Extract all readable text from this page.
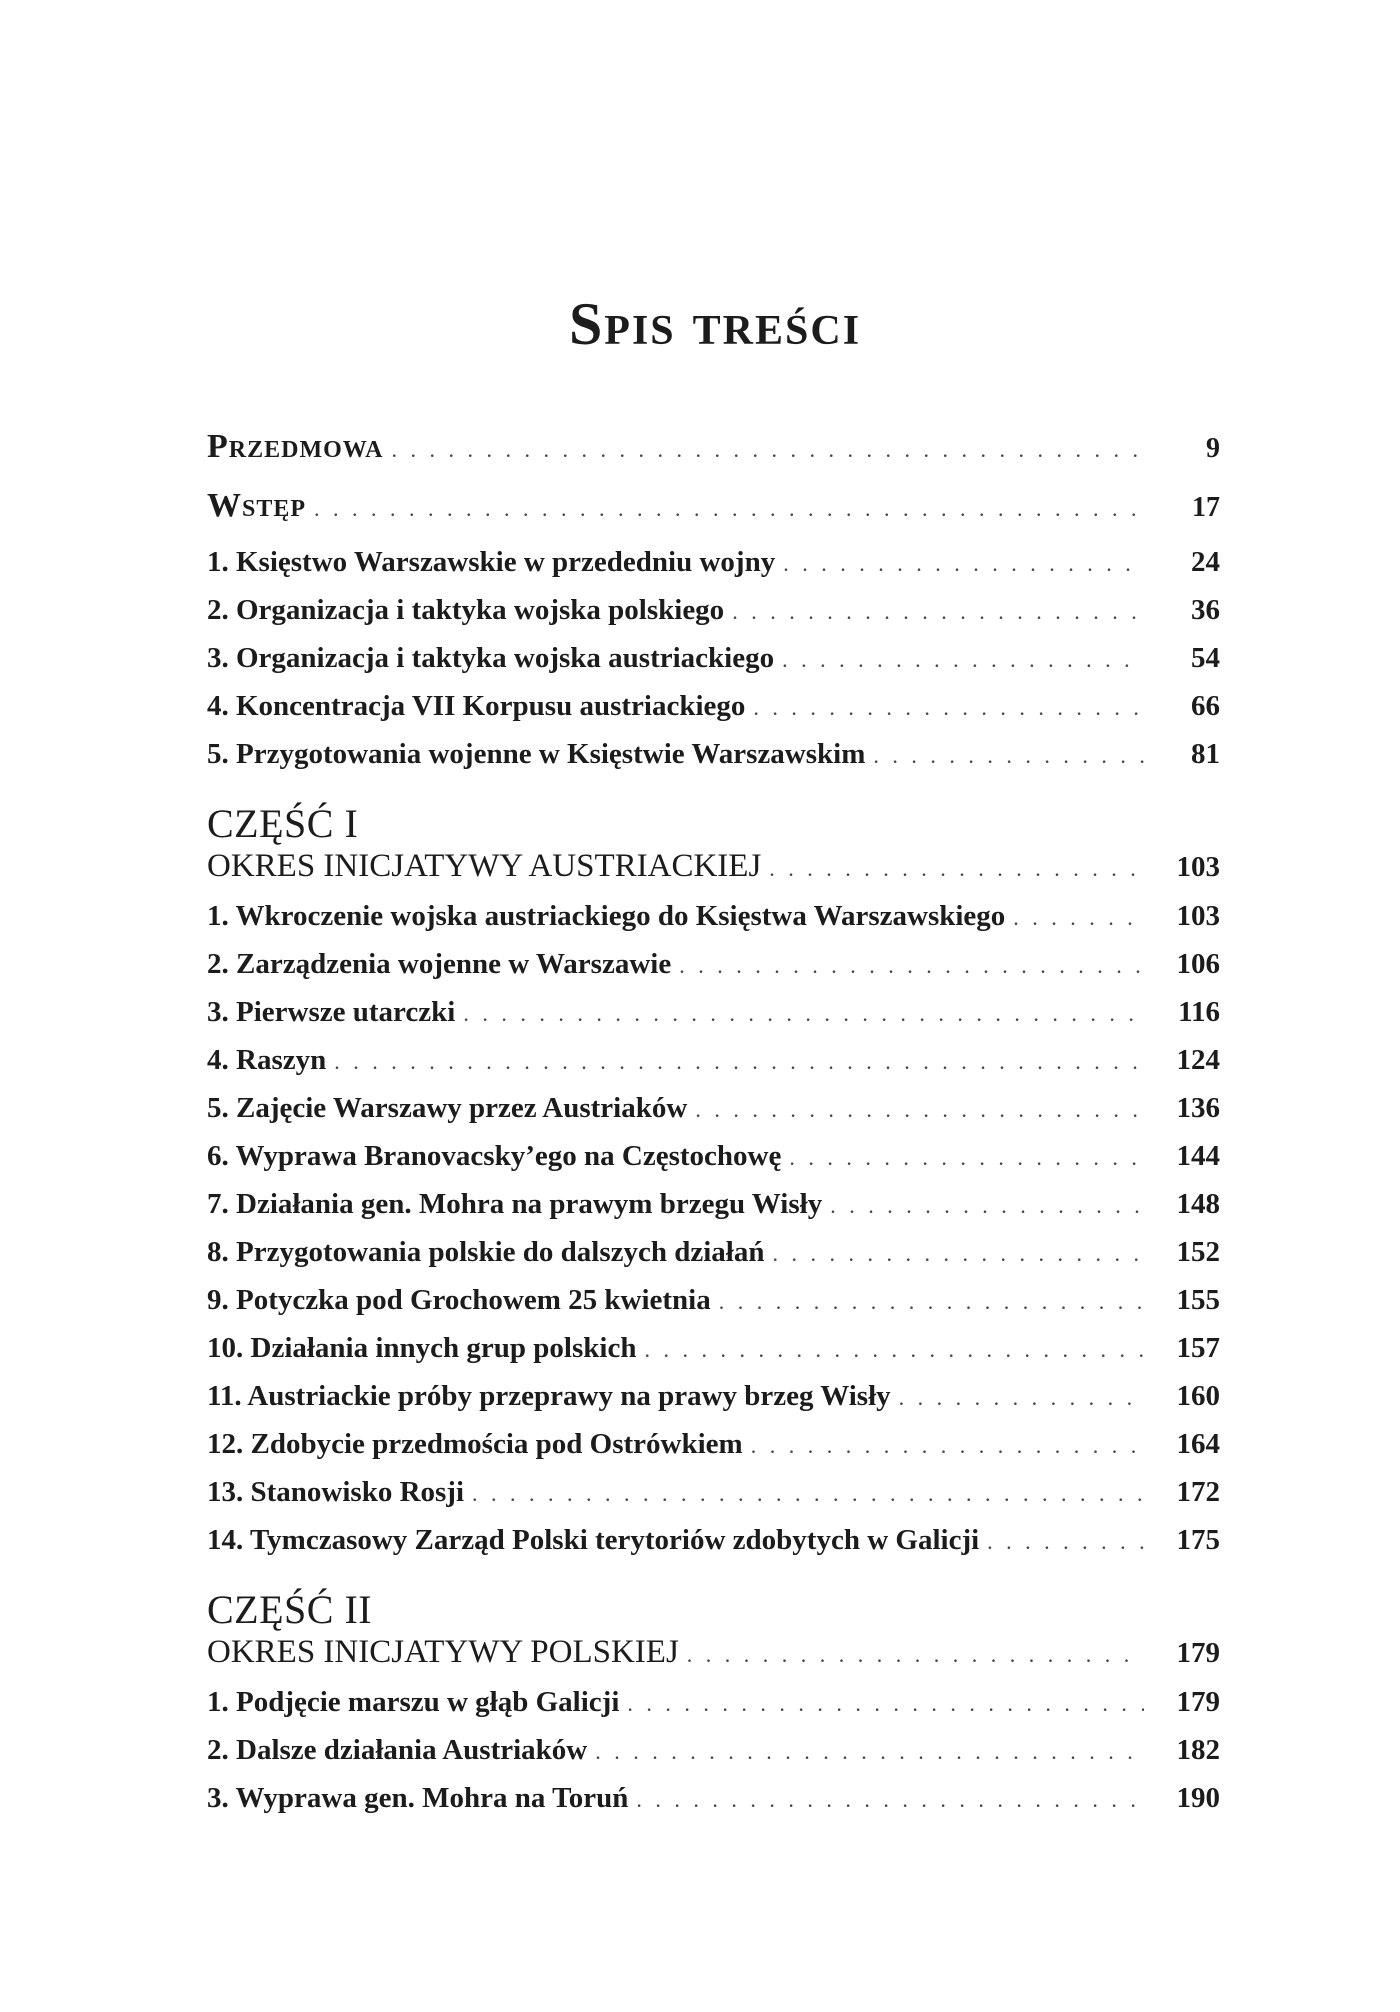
Spis treści
Przedmowa . . .	9
Wstęp . . .	17
1. Księstwo Warszawskie w przededniu wojny . . .	24
2. Organizacja i taktyka wojska polskiego . . .	36
3. Organizacja i taktyka wojska austriackiego . . .	54
4. Koncentracja VII Korpusu austriackiego . . .	66
5. Przygotowania wojenne w Księstwie Warszawskim . . .	81
CZĘŚĆ I
OKRES INICJATYWY AUSTRIACKIEJ . . .	103
1. Wkroczenie wojska austriackiego do Księstwa Warszawskiego . . .	103
2. Zarządzenia wojenne w Warszawie . . .	106
3. Pierwsze utarczki . . .	116
4. Raszyn . . .	124
5. Zajęcie Warszawy przez Austriaków . . .	136
6. Wyprawa Branovacsky’ego na Częstochowę . . .	144
7. Działania gen. Mohra na prawym brzegu Wisły . . .	148
8. Przygotowania polskie do dalszych działań . . .	152
9. Potyczka pod Grochowem 25 kwietnia . . .	155
10. Działania innych grup polskich . . .	157
11. Austriackie próby przeprawy na prawy brzeg Wisły . . .	160
12. Zdobycie przedmościa pod Ostrówkiem . . .	164
13. Stanowisko Rosji . . .	172
14. Tymczasowy Zarząd Polski terytoriów zdobytych w Galicji . . .	175
CZĘŚĆ II
OKRES INICJATYWY POLSKIEJ . . .	179
1. Podjęcie marszu w głąb Galicji . . .	179
2. Dalsze działania Austriaków . . .	182
3. Wyprawa gen. Mohra na Toruń . . .	190
